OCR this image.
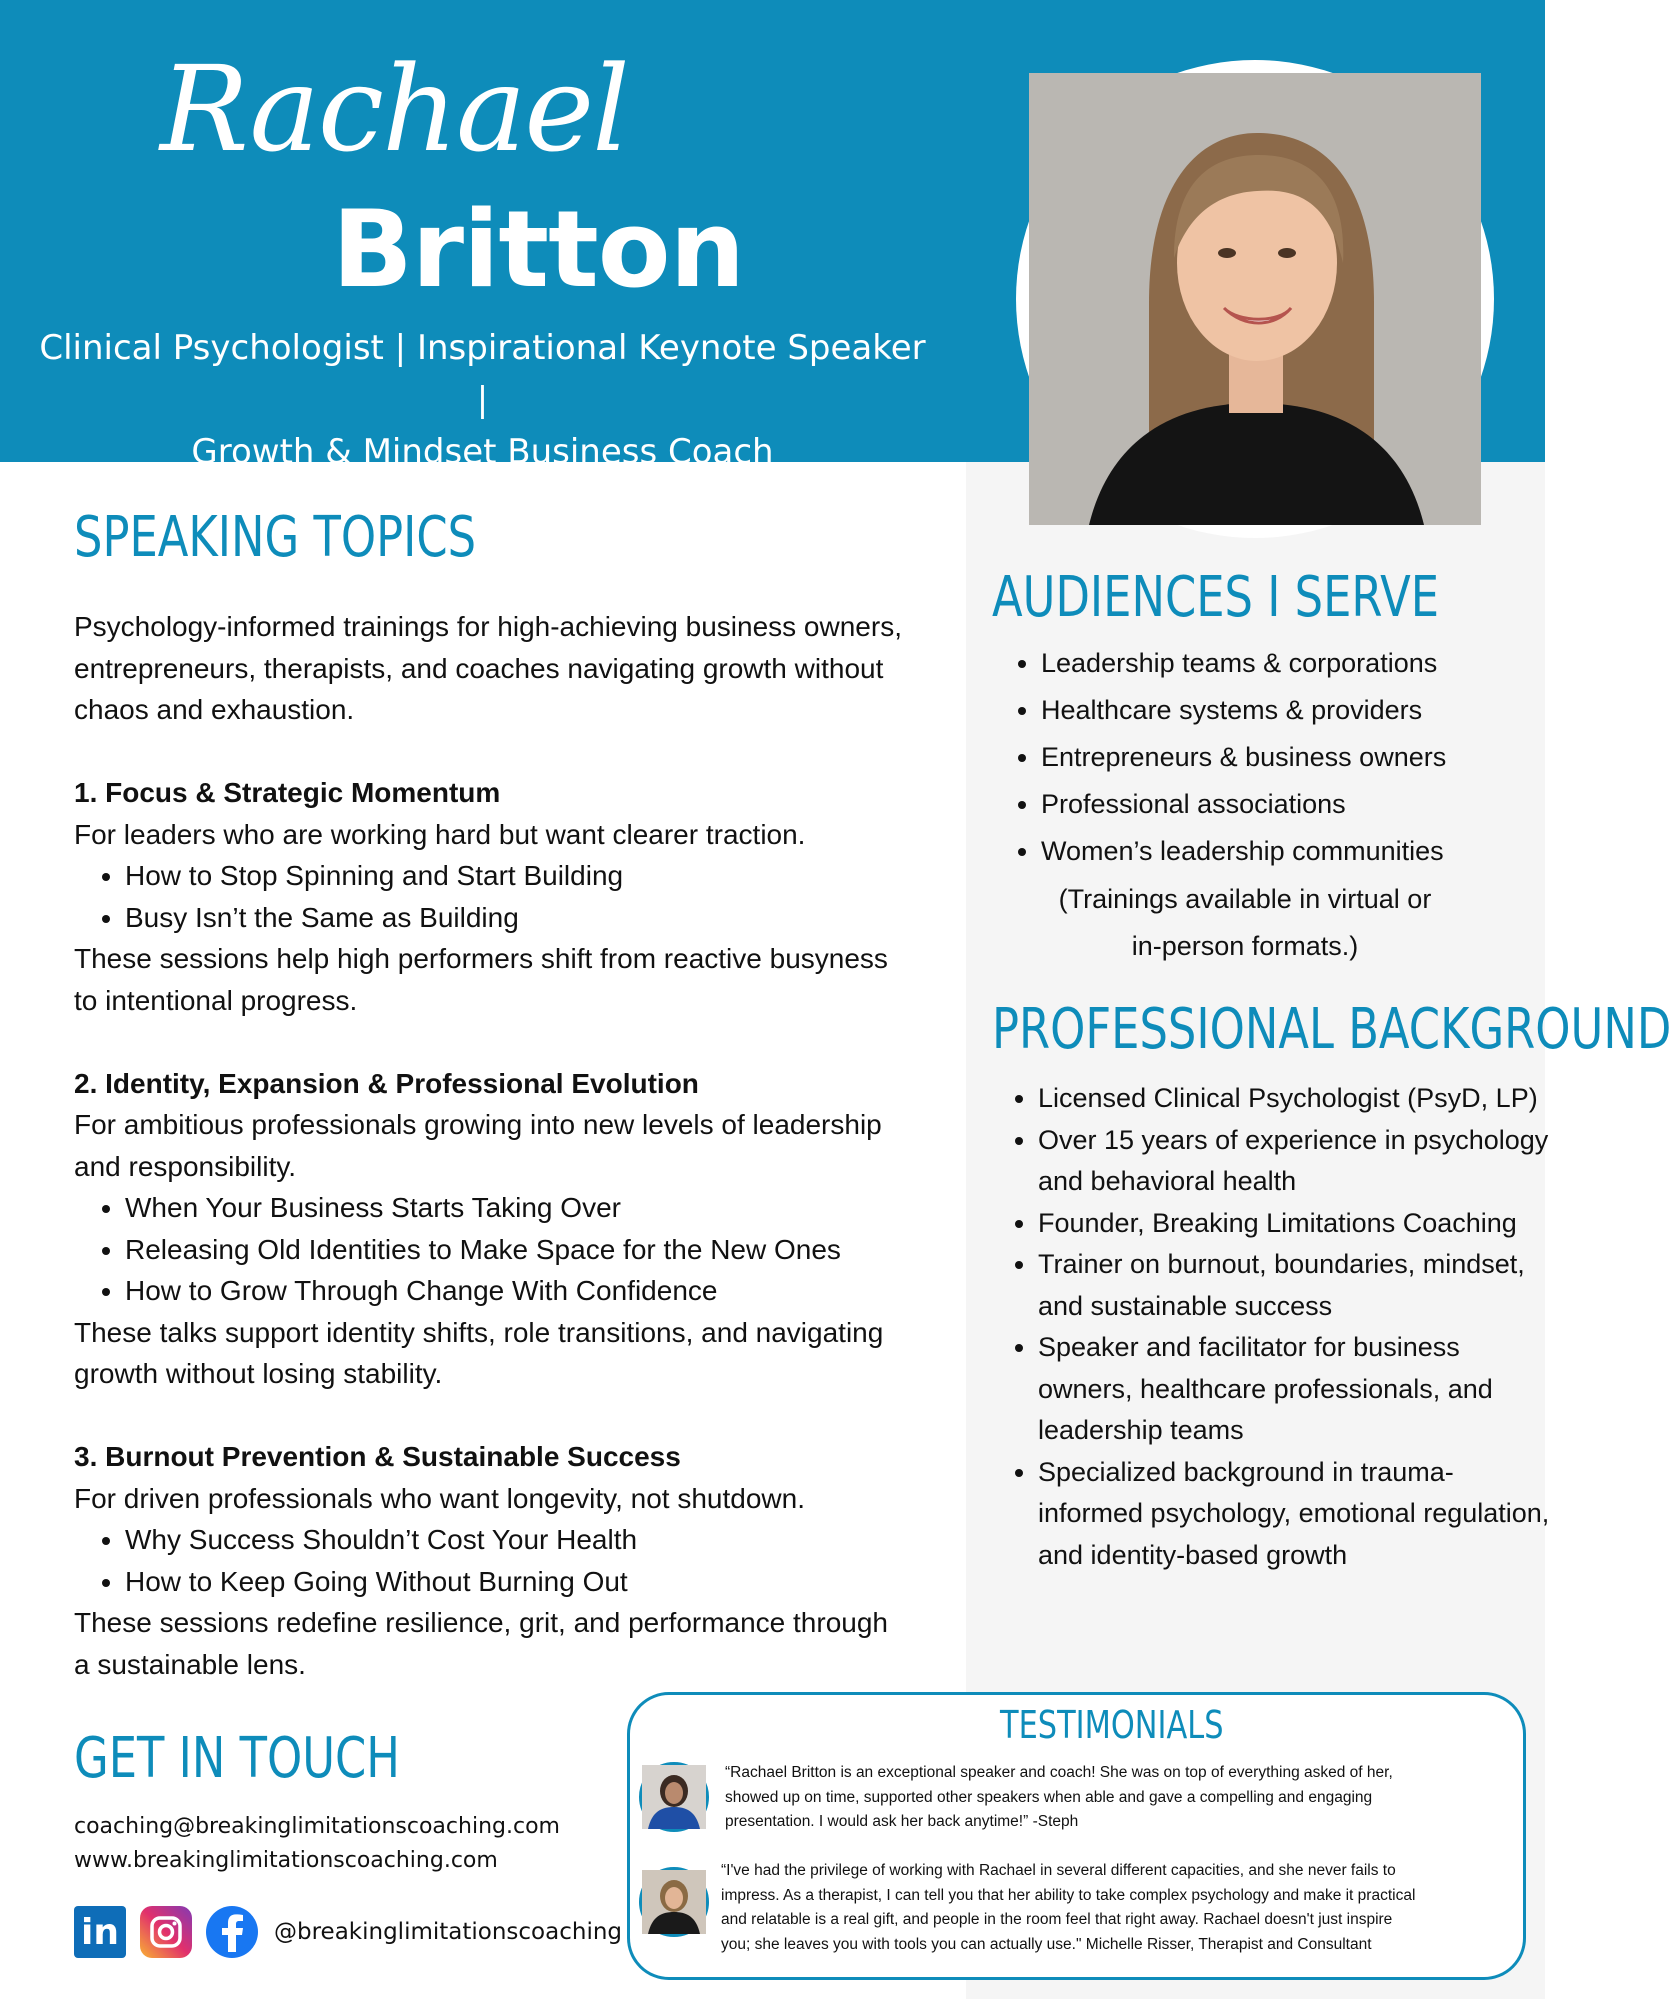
Rachael
Britton
Clinical Psychologist | Inspirational Keynote Speaker |
Growth & Mindset Business Coach
SPEAKING TOPICS

Psychology-informed trainings for high-achieving business owners, entrepreneurs, therapists, and coaches navigating growth without chaos and exhaustion.

1. Focus & Strategic Momentum

For leaders who are working hard but want clearer traction.

• How to Stop Spinning and Start Building
• Busy Isn’t the Same as Building

These sessions help high performers shift from reactive busyness to intentional progress.

2. Identity, Expansion & Professional Evolution

For ambitious professionals growing into new levels of leadership and responsibility.

• When Your Business Starts Taking Over
• Releasing Old Identities to Make Space for the New Ones
• How to Grow Through Change With Confidence

These talks support identity shifts, role transitions, and navigating growth without losing stability.

3. Burnout Prevention & Sustainable Success

For driven professionals who want longevity, not shutdown.

• Why Success Shouldn’t Cost Your Health
• How to Keep Going Without Burning Out

These sessions redefine resilience, grit, and performance through a sustainable lens.

AUDIENCES I SERVE
• Leadership teams & corporations
• Healthcare systems & providers
• Entrepreneurs & business owners
• Professional associations
• Women’s leadership communities
(Trainings available in virtual or
in-person formats.)
PROFESSIONAL BACKGROUND
• Licensed Clinical Psychologist (PsyD, LP)
• Over 15 years of experience in psychology and behavioral health
• Founder, Breaking Limitations Coaching
• Trainer on burnout, boundaries, mindset, and sustainable success
• Speaker and facilitator for business owners, healthcare professionals, and leadership teams
• Specialized background in trauma-informed psychology, emotional regulation, and identity-based growth
GET IN TOUCH
coaching@breakinglimitationscoaching.com
www.breakinglimitationscoaching.com
in	@breakinglimitationscoaching
TESTIMONIALS
“Rachael Britton is an exceptional speaker and coach! She was on top of everything asked of her,
showed up on time, supported other speakers when able and gave a compelling and engaging
presentation. I would ask her back anytime!” -Steph
“I've had the privilege of working with Rachael in several different capacities, and she never fails to
impress. As a therapist, I can tell you that her ability to take complex psychology and make it practical
and relatable is a real gift, and people in the room feel that right away. Rachael doesn't just inspire
you; she leaves you with tools you can actually use." Michelle Risser, Therapist and Consultant
